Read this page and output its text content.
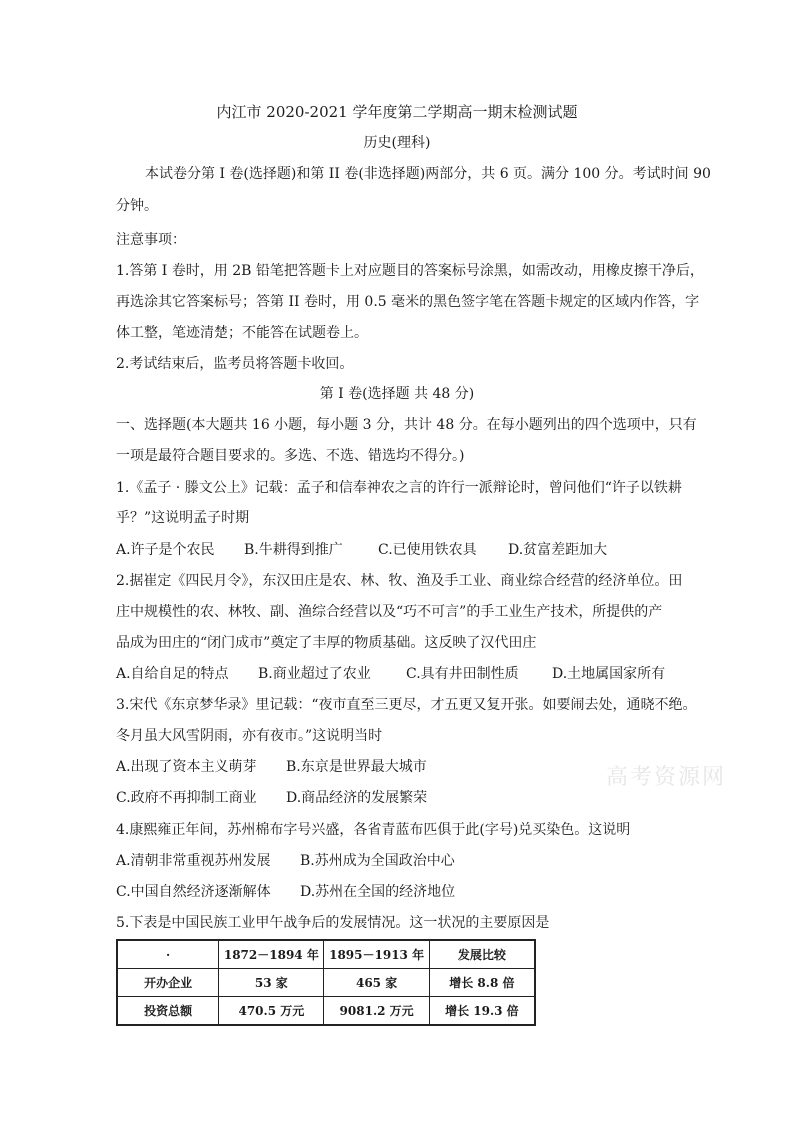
内江市 2020-2021 学年度第二学期高一期末检测试题
历史(理科)
本试卷分第 I 卷(选择题)和第 II 卷(非选择题)两部分，共 6 页。满分 100 分。考试时间 90
分钟。
注意事项：
1.答第 I 卷时，用 2B 铅笔把答题卡上对应题目的答案标号涂黑，如需改动，用橡皮擦干净后，
再选涂其它答案标号；答第 II 卷时，用 0.5 毫米的黑色签字笔在答题卡规定的区域内作答，字
体工整，笔迹清楚；不能答在试题卷上。
2.考试结束后，监考员将答题卡收回。
第 I 卷(选择题 共 48 分)
一、选择题(本大题共 16 小题，每小题 3 分，共计 48 分。在每小题列出的四个选项中，只有
一项是最符合题目要求的。多选、不选、错选均不得分。)
1.《孟子 · 滕文公上》记载：孟子和信奉神农之言的许行一派辩论时，曾问他们“许子以铁耕
乎？”这说明孟子时期
A.许子是个农民 B.牛耕得到推广	C.已使用铁农具 D.贫富差距加大
2.据崔定《四民月令》，东汉田庄是农、林、牧、渔及手工业、商业综合经营的经济单位。田
庄中规模性的农、林牧、副、渔综合经营以及“巧不可言”的手工业生产技术，所提供的产
品成为田庄的“闭门成市”奠定了丰厚的物质基础。这反映了汉代田庄
A.自给自足的特点 B.商业超过了农业	C.具有井田制性质 D.土地属国家所有
3.宋代《东京梦华录》里记载：“夜市直至三更尽，才五更又复开张。如要闹去处，通晓不绝。
冬月虽大风雪阴雨，亦有夜市。”这说明当时
A.出现了资本主义萌芽 B.东京是世界最大城市
C.政府不再抑制工商业 D.商品经济的发展繁荣
高考资源网
4.康熙雍正年间，苏州棉布字号兴盛，各省青蓝布匹俱于此(字号)兑买染色。这说明
A.清朝非常重视苏州发展 B.苏州成为全国政治中心
C.中国自然经济逐渐解体 D.苏州在全国的经济地位
5.下表是中国民族工业甲午战争后的发展情况。这一状况的主要原因是
·	1872－1894 年	1895－1913 年	发展比较
开办企业	53 家	465 家	增长 8.8 倍
投资总额	470.5 万元	9081.2 万元	增长 19.3 倍
